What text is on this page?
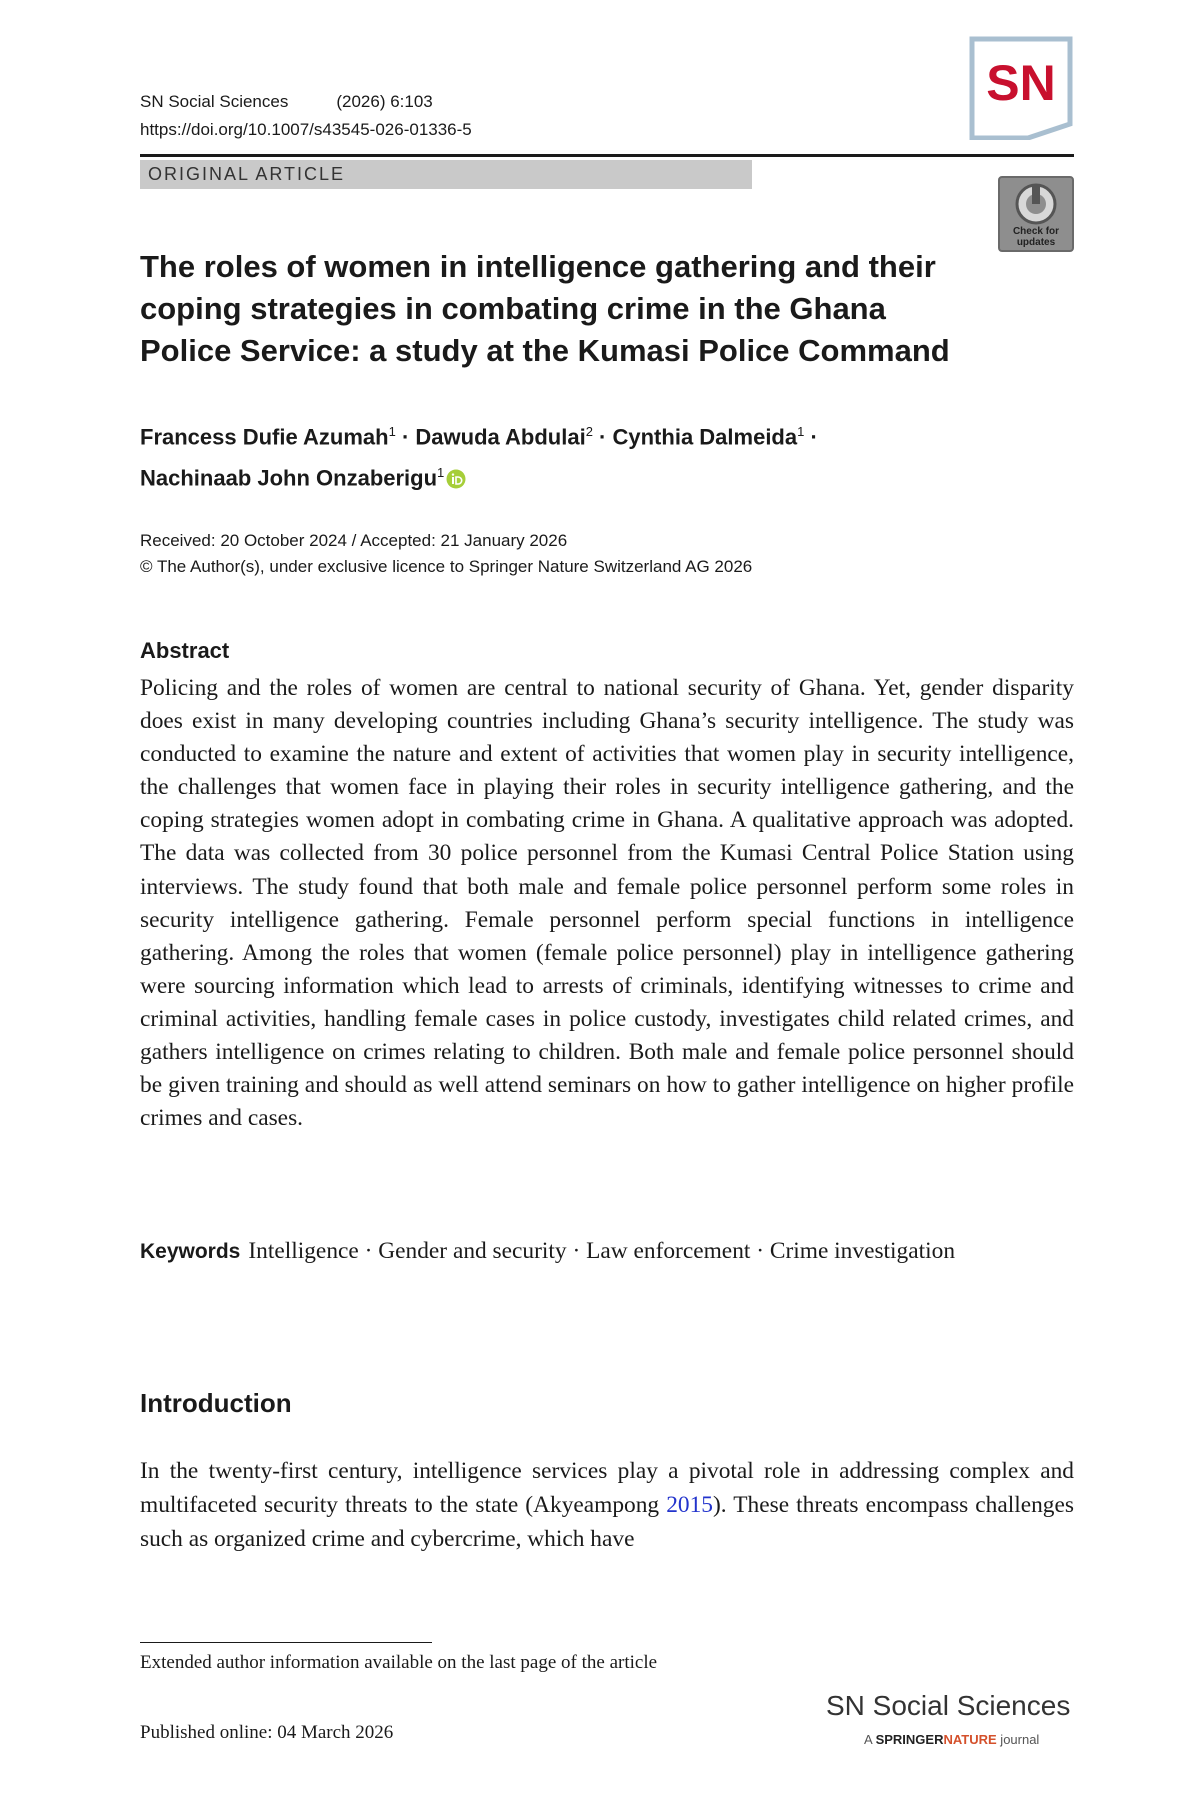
SN Social Sciences	(2026) 6:103
https://doi.org/10.1007/s43545-026-01336-5
ORIGINAL ARTICLE
SN
Check for
updates
The roles of women in intelligence gathering and their coping strategies in combating crime in the Ghana Police Service: a study at the Kumasi Police Command
Francess Dufie Azumah$^1$ · Dawuda Abdulai$^2$ · Cynthia Dalmeida$^1$ ·
Nachinaab John Onzaberigu$^1$
Received: 20 October 2024 / Accepted: 21 January 2026
© The Author(s), under exclusive licence to Springer Nature Switzerland AG 2026
Abstract

Policing and the roles of women are central to national security of Ghana. Yet, gender disparity does exist in many developing countries including Ghana’s security intelligence. The study was conducted to examine the nature and extent of activities that women play in security intelligence, the challenges that women face in playing their roles in security intelligence gathering, and the coping strategies women adopt in combating crime in Ghana. A qualitative approach was adopted. The data was collected from 30 police personnel from the Kumasi Central Police Station using interviews. The study found that both male and female police personnel perform some roles in security intelligence gathering. Female personnel perform special functions in intelligence gathering. Among the roles that women (female police personnel) play in intelligence gathering were sourcing information which lead to arrests of criminals, identifying witnesses to crime and criminal activities, handling female cases in police custody, investigates child related crimes, and gathers intelligence on crimes relating to children. Both male and female police personnel should be given training and should as well attend seminars on how to gather intelligence on higher profile crimes and cases.

Keywords Intelligence · Gender and security · Law enforcement · Crime investigation
Introduction

In the twenty-first century, intelligence services play a pivotal role in addressing complex and multifaceted security threats to the state (Akyeampong 2015). These threats encompass challenges such as organized crime and cybercrime, which have

Extended author information available on the last page of the article
Published online: 04 March 2026
SN Social Sciences
A SPRINGERNATURE journal
